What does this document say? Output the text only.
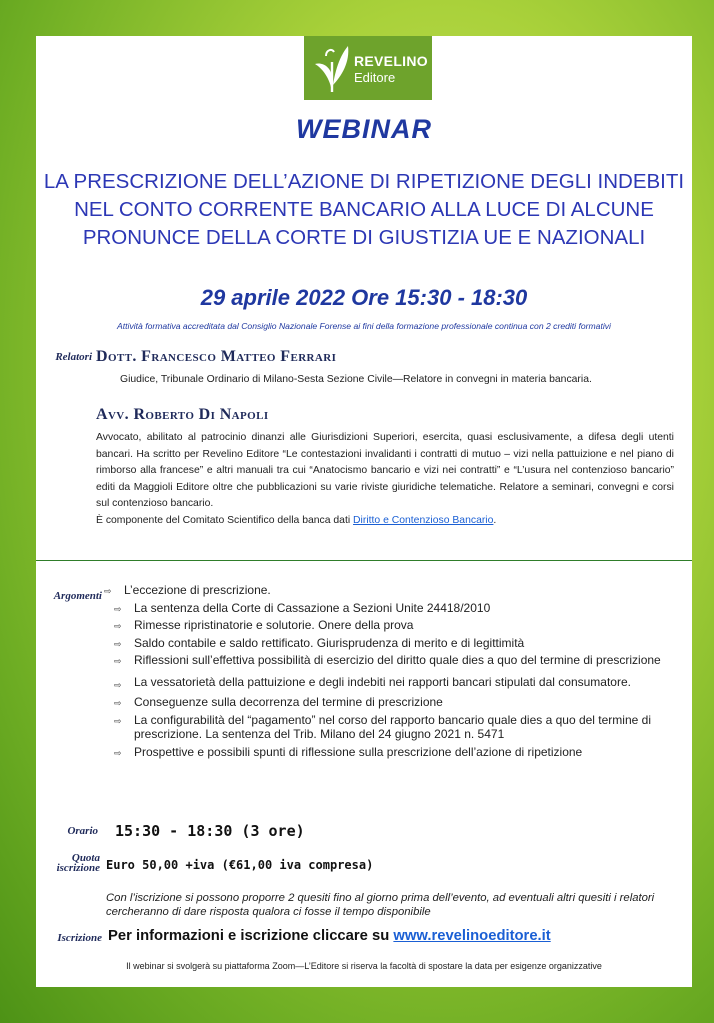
REVELINO
Editore
WEBINAR
LA PRESCRIZIONE DELL’AZIONE DI RIPETIZIONE DEGLI INDEBITI
NEL CONTO CORRENTE BANCARIO ALLA LUCE DI ALCUNE
PRONUNCE DELLA CORTE DI GIUSTIZIA UE E NAZIONALI
29 aprile 2022 Ore 15:30 - 18:30
Attività formativa accreditata dal Consiglio Nazionale Forense ai fini della formazione professionale continua con 2 crediti formativi
Relatori Dott. Francesco Matteo Ferrari
Giudice, Tribunale Ordinario di Milano-Sesta Sezione Civile—Relatore in convegni in materia bancaria.
Avv. Roberto Di Napoli
Avvocato, abilitato al patrocinio dinanzi alle Giurisdizioni Superiori, esercita, quasi esclusivamente, a difesa degli utenti bancari. Ha scritto per Revelino Editore “Le contestazioni invalidanti i contratti di mutuo – vizi nella pattuizione e nel piano di rimborso alla francese” e altri manuali tra cui “Anatocismo bancario e vizi nei contratti” e “L’usura nel contenzioso bancario” editi da Maggioli Editore oltre che pubblicazioni su varie riviste giuridiche telematiche. Relatore a seminari, convegni e corsi sul contenzioso bancario.
È componente del Comitato Scientifico della banca dati Diritto e Contenzioso Bancario.
Argomenti ⇨ L’eccezione di prescrizione.
⇨ La sentenza della Corte di Cassazione a Sezioni Unite 24418/2010
⇨ Rimesse ripristinatorie e solutorie. Onere della prova
⇨ Saldo contabile e saldo rettificato. Giurisprudenza di merito e di legittimità
⇨ Riflessioni sull’effettiva possibilità di esercizio del diritto quale dies a quo del termine di prescrizione
⇨ La vessatorietà della pattuizione e degli indebiti nei rapporti bancari stipulati dal consumatore.
⇨ Conseguenze sulla decorrenza del termine di prescrizione
⇨ La configurabilità del “pagamento” nel corso del rapporto bancario quale dies a quo del termine di prescrizione. La sentenza del Trib. Milano del 24 giugno 2021 n. 5471
⇨ Prospettive e possibili spunti di riflessione sulla prescrizione dell’azione di ripetizione
Orario 15:30 - 18:30 (3 ore)
Quota
iscrizione Euro 50,00 +iva (€61,00 iva compresa)
Con l’iscrizione si possono proporre 2 quesiti fino al giorno prima dell’evento, ad eventuali altri quesiti i relatori cercheranno di dare risposta qualora ci fosse il tempo disponibile
Iscrizione Per informazioni e iscrizione cliccare su www.revelinoeditore.it
Il webinar si svolgerà su piattaforma Zoom—L’Editore si riserva la facoltà di spostare la data per esigenze organizzative
